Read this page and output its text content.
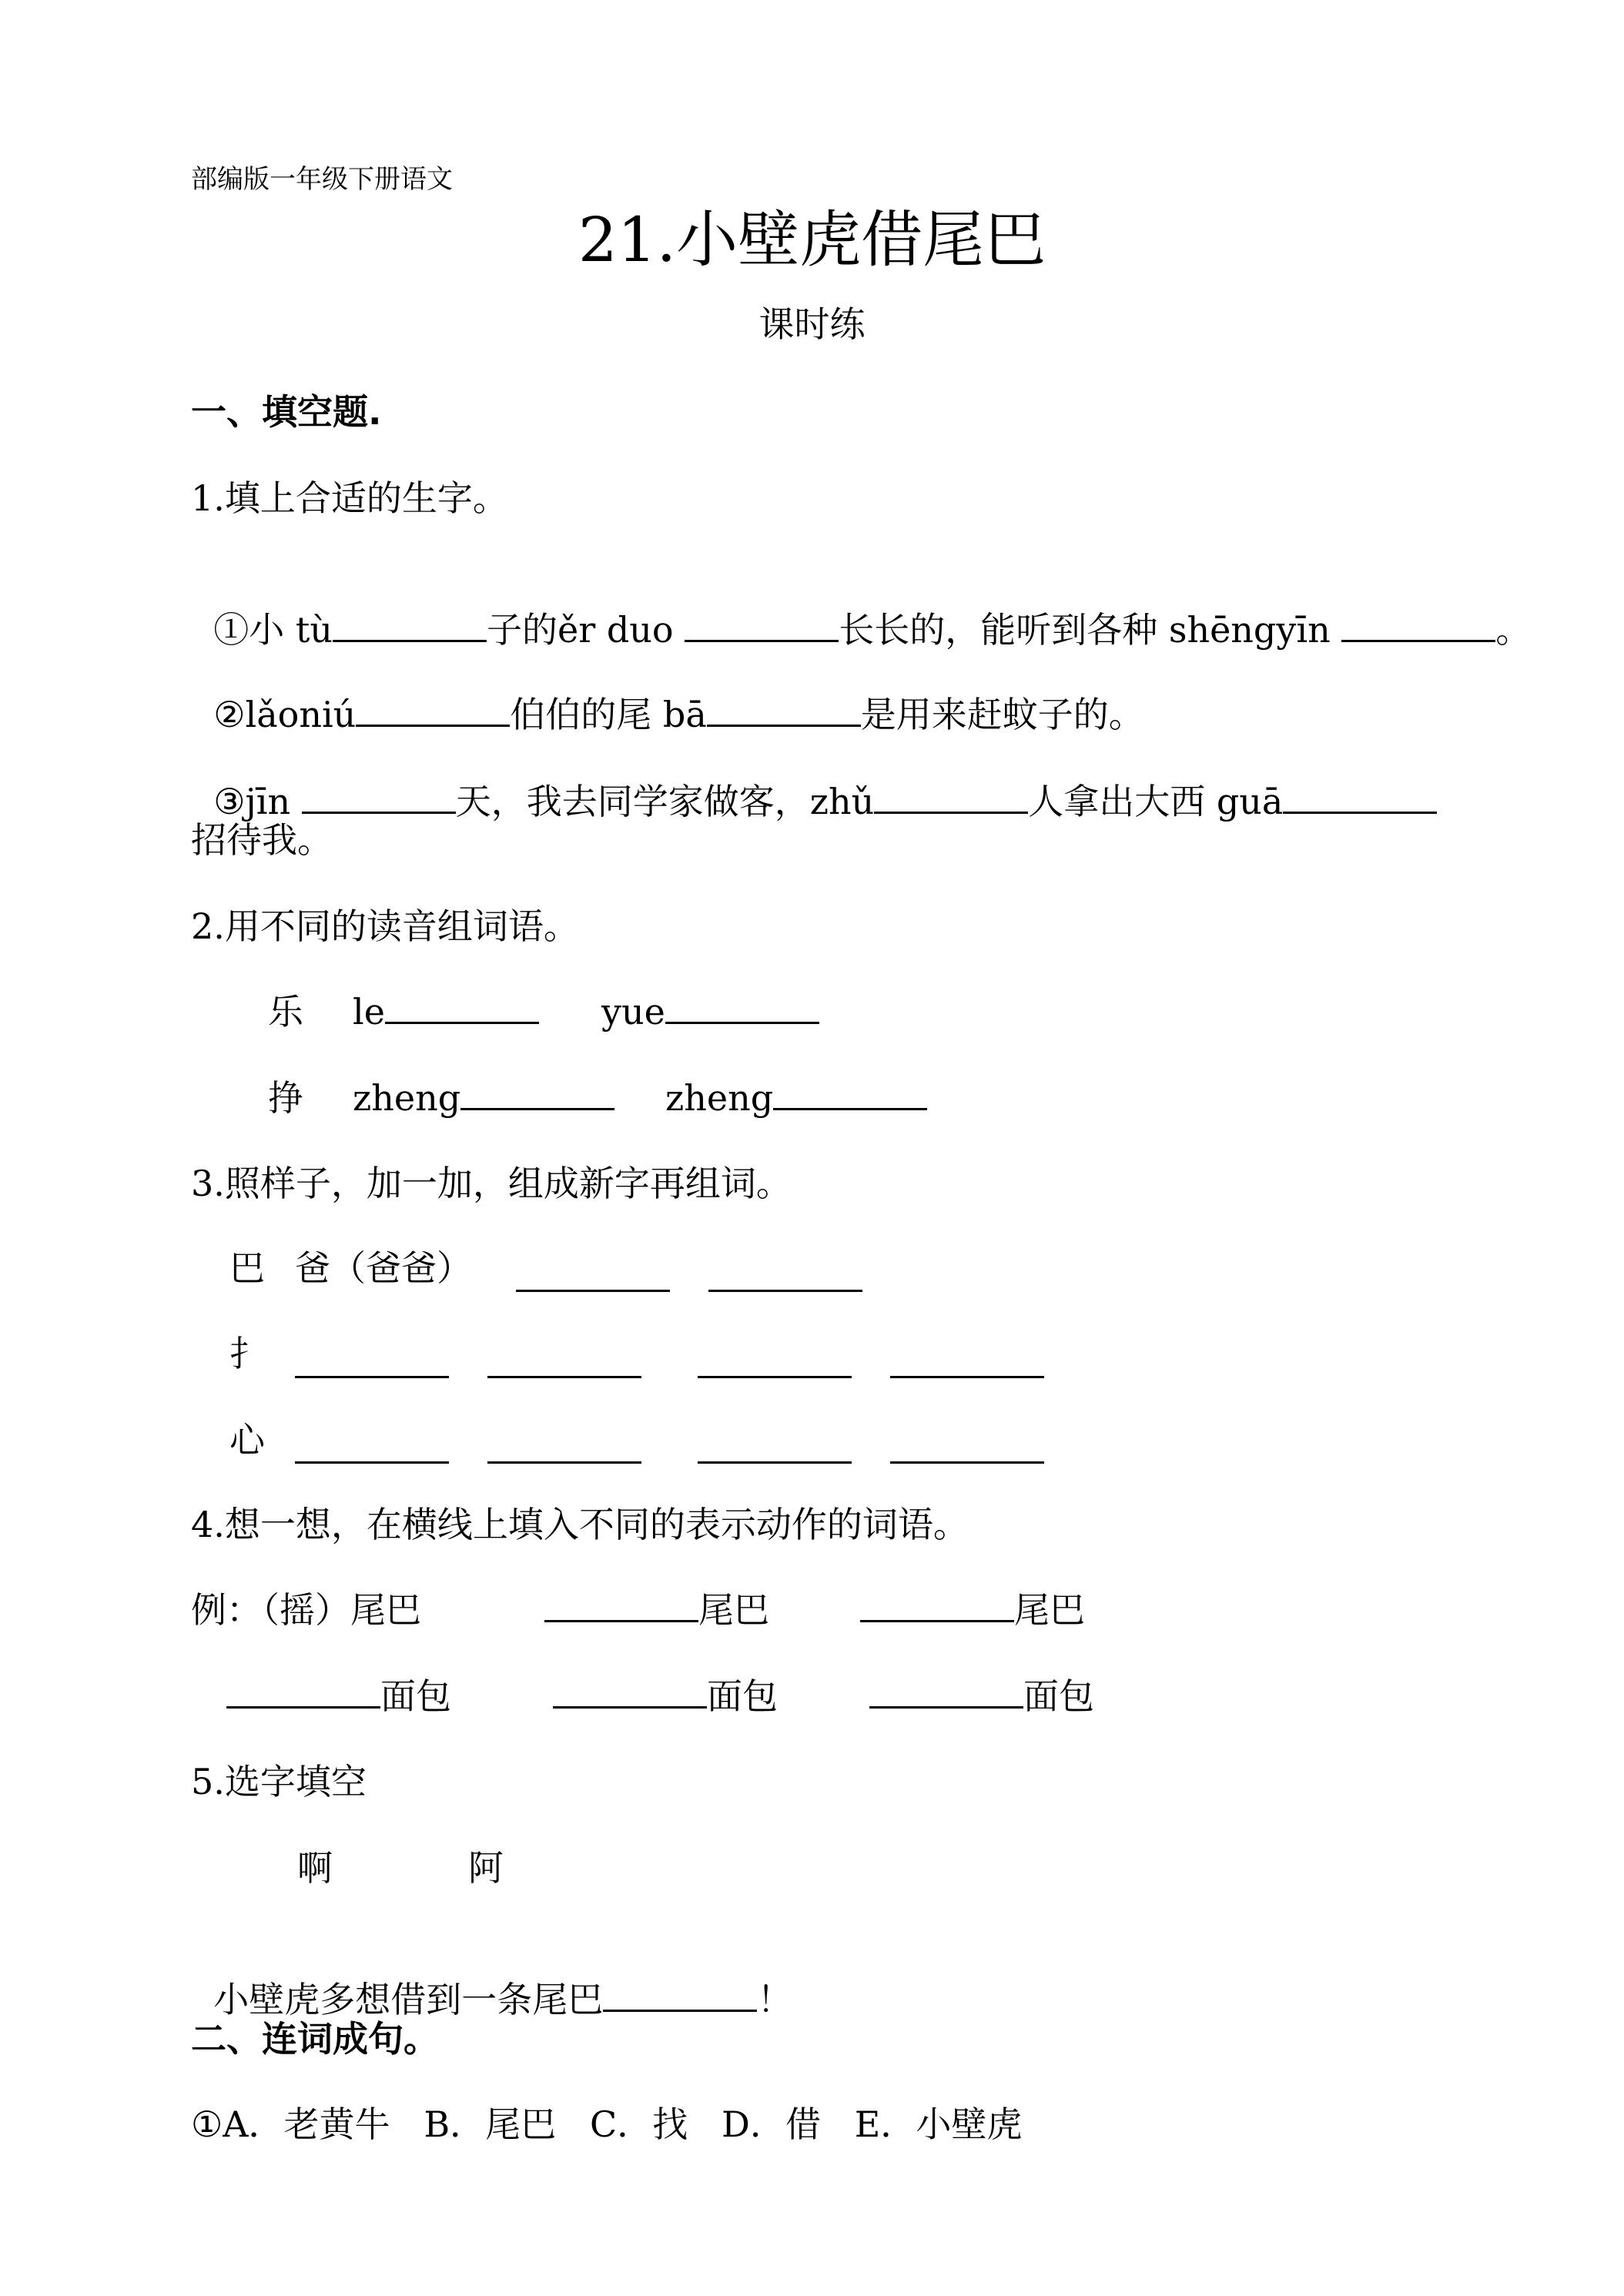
部编版一年级下册语文
21.小壁虎借尾巴
课时练
一、填空题.
1.填上合适的生字。

①小 tù	子的ěr duo	长长的，能听到各种 shēngyīn	。

②lǎoniú	伯伯的尾 bā	是用来赶蚊子的。

③jīn	天，我去同学家做客，zhǔ	人拿出大西 guā

招待我。
2.用不同的读音组词语。
乐 le	yue
挣 zheng	zheng
3.照样子，加一加，组成新字再组词。
巴 爸（爸爸）
扌
心
4.想一想，在横线上填入不同的表示动作的词语。
例：（摇）尾巴	尾巴	尾巴
面包	面包	面包
5.选字填空
啊	阿

小壁虎多想借到一条尾巴	！

二、连词成句。
①A．老黄牛   B．尾巴   C．找   D．借   E．小壁虎
